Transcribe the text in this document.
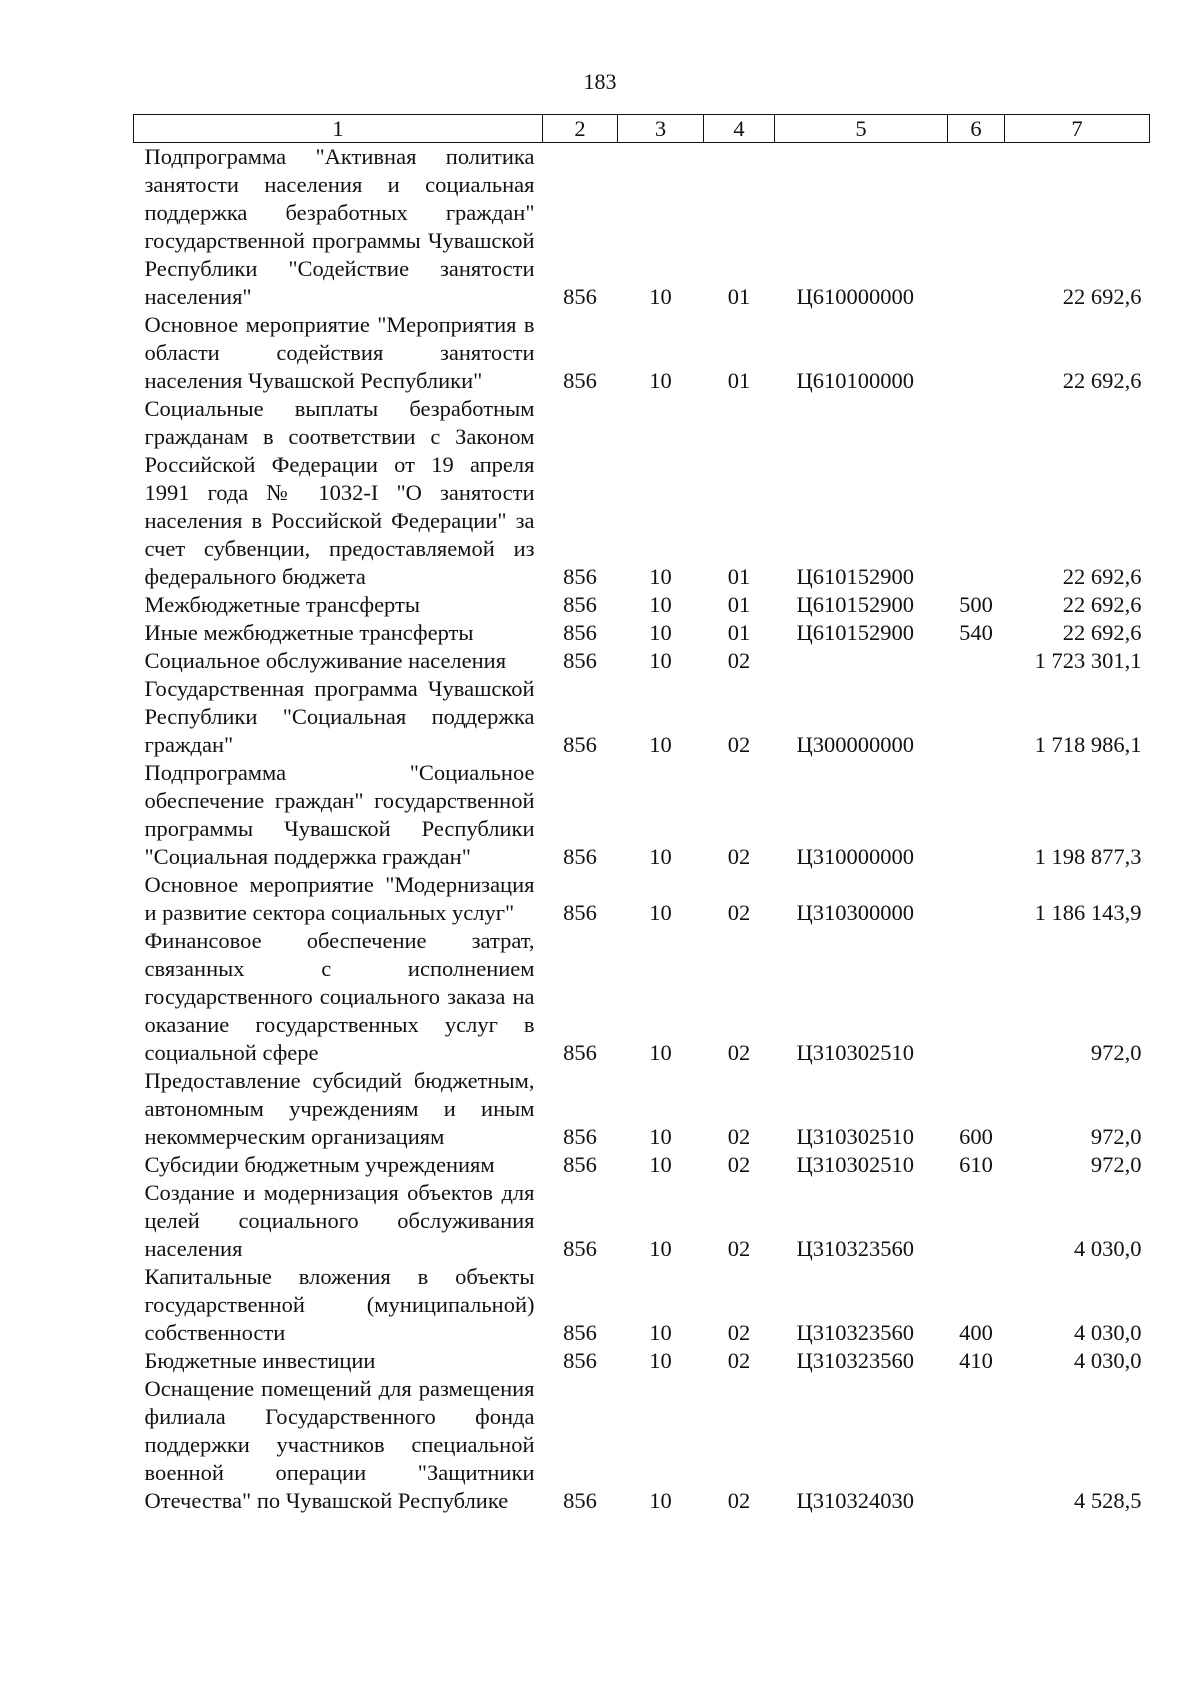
183
1	2	3	4	5	6	7
Подпрограмма "Активная политика занятости населения и социальная поддержка безработных граждан" государственной программы Чувашской Республики "Содействие занятости населения"	856	10	01	Ц610000000		22 692,6
Основное мероприятие "Мероприятия в области содействия занятости населения Чувашской Республики"	856	10	01	Ц610100000		22 692,6
Социальные выплаты безработным гражданам в соответствии с Законом Российской Федерации от 19 апреля 1991 года № 1032-I "О занятости населения в Российской Федерации" за счет субвенции, предоставляемой из федерального бюджета	856	10	01	Ц610152900		22 692,6
Межбюджетные трансферты	856	10	01	Ц610152900	500	22 692,6
Иные межбюджетные трансферты	856	10	01	Ц610152900	540	22 692,6
Социальное обслуживание населения	856	10	02			1 723 301,1
Государственная программа Чувашской Республики "Социальная поддержка граждан"	856	10	02	Ц300000000		1 718 986,1
Подпрограмма "Социальное обеспечение граждан" государственной программы Чувашской Республики "Социальная поддержка граждан"	856	10	02	Ц310000000		1 198 877,3
Основное мероприятие "Модернизация и развитие сектора социальных услуг"	856	10	02	Ц310300000		1 186 143,9
Финансовое обеспечение затрат, связанных с исполнением государственного социального заказа на оказание государственных услуг в социальной сфере	856	10	02	Ц310302510		972,0
Предоставление субсидий бюджетным, автономным учреждениям и иным некоммерческим организациям	856	10	02	Ц310302510	600	972,0
Субсидии бюджетным учреждениям	856	10	02	Ц310302510	610	972,0
Создание и модернизация объектов для целей социального обслуживания населения	856	10	02	Ц310323560		4 030,0
Капитальные вложения в объекты государственной (муниципальной) собственности	856	10	02	Ц310323560	400	4 030,0
Бюджетные инвестиции	856	10	02	Ц310323560	410	4 030,0
Оснащение помещений для размещения филиала Государственного фонда поддержки участников специальной военной операции "Защитники Отечества" по Чувашской Республике	856	10	02	Ц310324030		4 528,5
